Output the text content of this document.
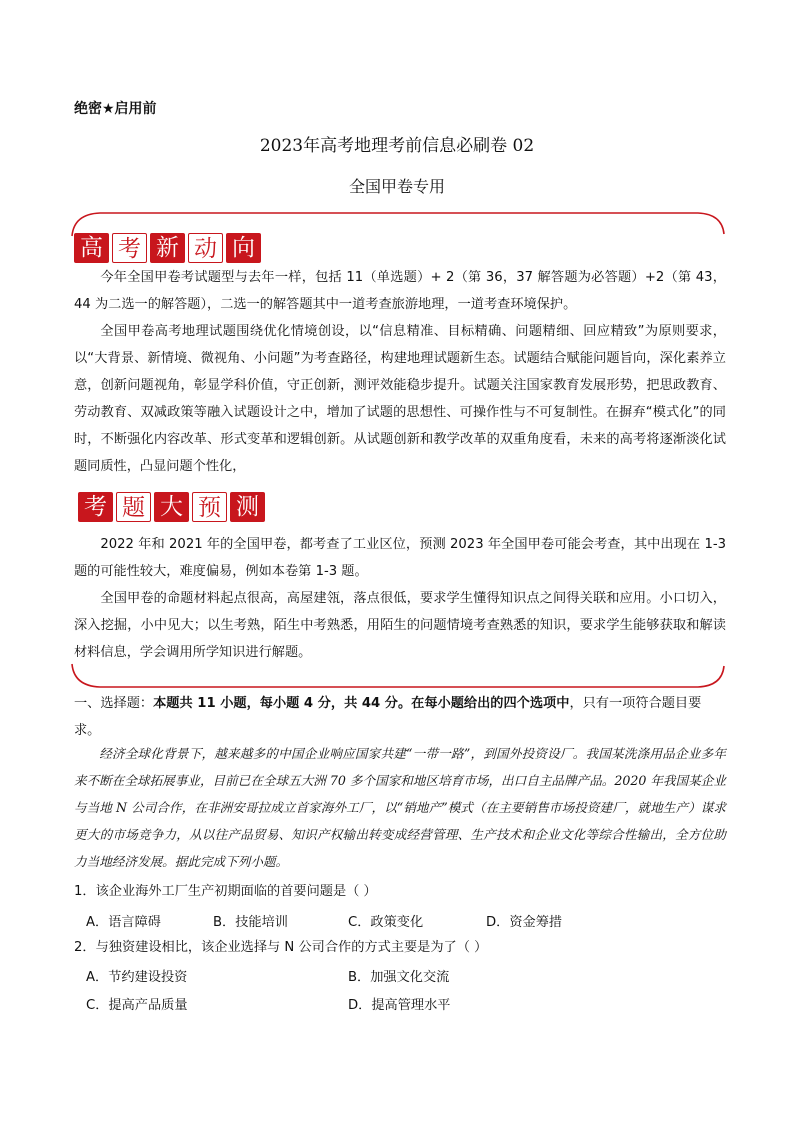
绝密★启用前
2023年高考地理考前信息必刷卷 02
全国甲卷专用
高 考 新 动 向

今年全国甲卷考试题型与去年一样，包括 11（单选题）+ 2（第 36，37 解答题为必答题）+2（第 43，44 为二选一的解答题），二选一的解答题其中一道考查旅游地理，一道考查环境保护。

全国甲卷高考地理试题围绕优化情境创设，以“信息精准、目标精确、问题精细、回应精致”为原则要求，以“大背景、新情境、微视角、小问题”为考查路径，构建地理试题新生态。试题结合赋能问题旨向，深化素养立意，创新问题视角，彰显学科价值，守正创新，测评效能稳步提升。试题关注国家教育发展形势，把思政教育、劳动教育、双减政策等融入试题设计之中，增加了试题的思想性、可操作性与不可复制性。在摒弃“模式化”的同时，不断强化内容改革、形式变革和逻辑创新。从试题创新和教学改革的双重角度看，未来的高考将逐渐淡化试题同质性，凸显问题个性化，

考 题 大 预 测

2022 年和 2021 年的全国甲卷，都考查了工业区位，预测 2023 年全国甲卷可能会考查，其中出现在 1-3 题的可能性较大，难度偏易，例如本卷第 1-3 题。

全国甲卷的命题材料起点很高，高屋建瓴，落点很低，要求学生懂得知识点之间得关联和应用。小口切入，深入挖掘，小中见大；以生考熟，陌生中考熟悉，用陌生的问题情境考查熟悉的知识，要求学生能够获取和解读材料信息，学会调用所学知识进行解题。

一、选择题：本题共 11 小题，每小题 4 分，共 44 分。在每小题给出的四个选项中，只有一项符合题目要求。
经济全球化背景下，越来越多的中国企业响应国家共建“一带一路”，到国外投资设厂。我国某洗涤用品企业多年来不断在全球拓展事业，目前已在全球五大洲 70 多个国家和地区培育市场，出口自主品牌产品。2020 年我国某企业与当地 N 公司合作，在非洲安哥拉成立首家海外工厂，以“销地产”模式（在主要销售市场投资建厂，就地生产）谋求更大的市场竞争力，从以往产品贸易、知识产权输出转变成经营管理、生产技术和企业文化等综合性输出，全方位助力当地经济发展。据此完成下列小题。
1．该企业海外工厂生产初期面临的首要问题是（ ）
A．语言障碍	B．技能培训	C．政策变化	D．资金筹措
2．与独资建设相比，该企业选择与 N 公司合作的方式主要是为了（ ）
A．节约建设投资	B．加强文化交流
C．提高产品质量	D．提高管理水平
